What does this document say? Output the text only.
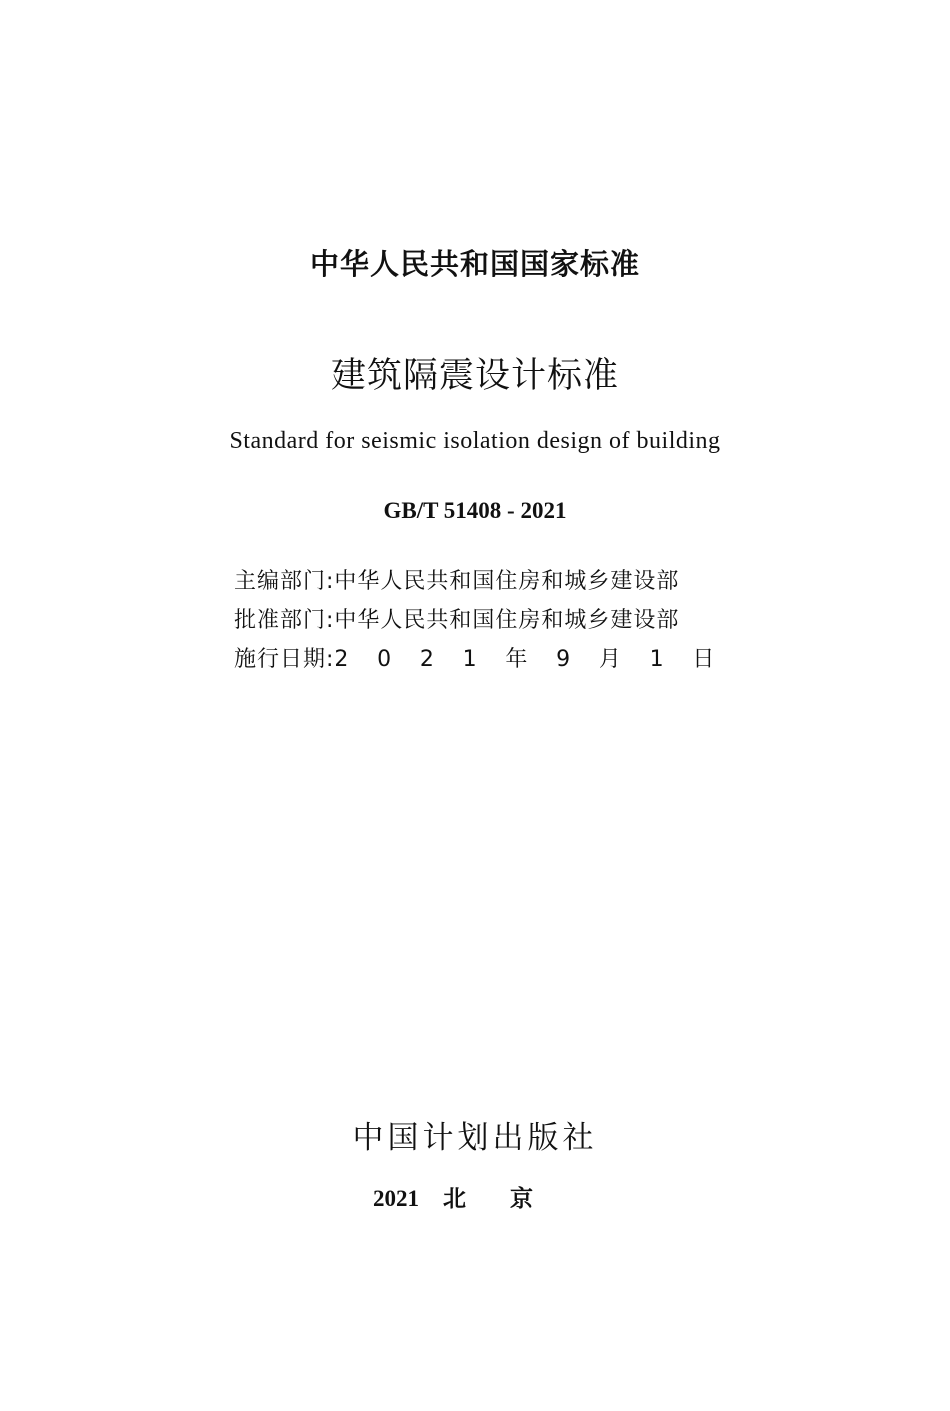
中华人民共和国国家标准
建筑隔震设计标准
Standard for seismic isolation design of building
GB/T 51408 - 2021
主编部门: 中华人民共和国住房和城乡建设部
批准部门: 中华人民共和国住房和城乡建设部
施行日期: 2 0 2 1 年 9 月 1 日
中国计划出版社
2021 北京
